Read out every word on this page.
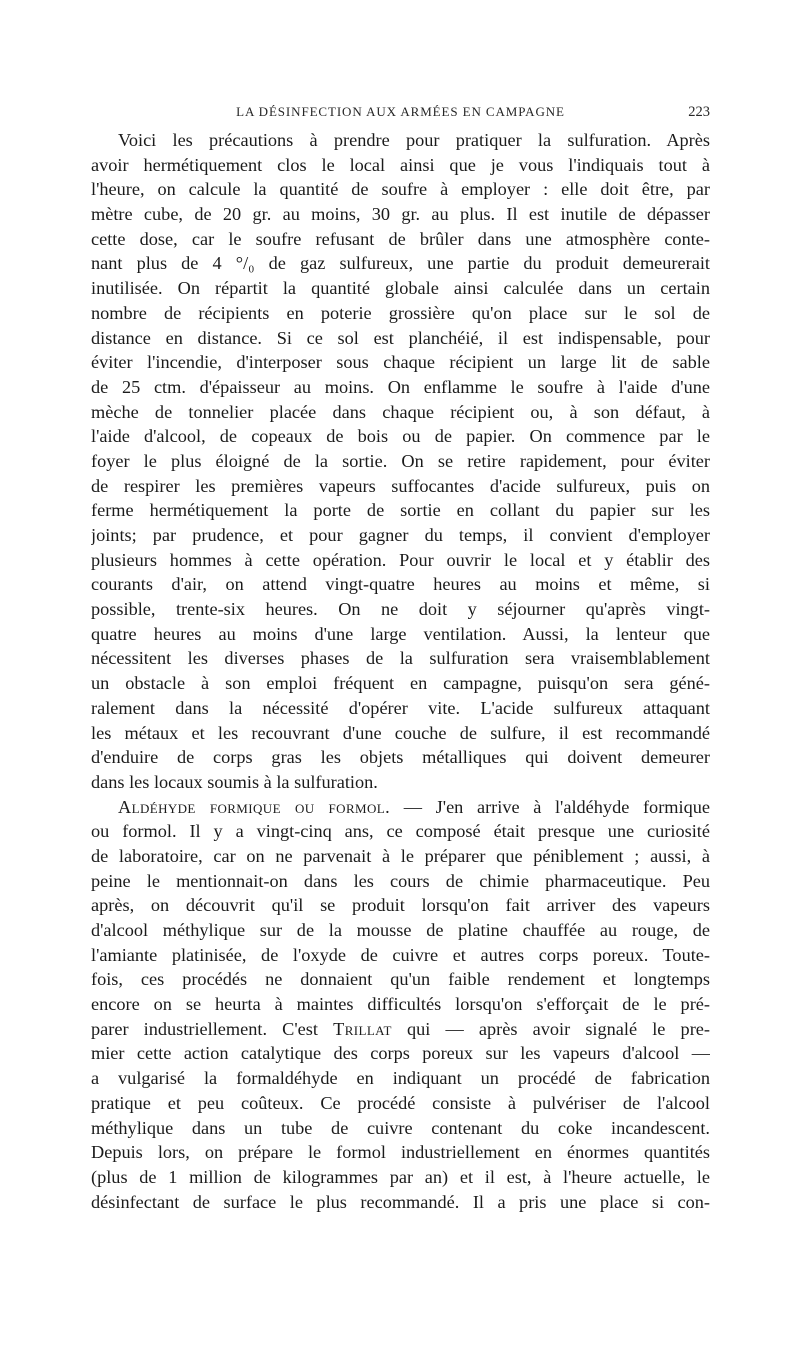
LA DÉSINFECTION AUX ARMÉES EN CAMPAGNE	223
Voici les précautions à prendre pour pratiquer la sulfuration. Après
avoir hermétiquement clos le local ainsi que je vous l'indiquais tout à
l'heure, on calcule la quantité de soufre à employer : elle doit être, par
mètre cube, de 20 gr. au moins, 30 gr. au plus. Il est inutile de dépasser
cette dose, car le soufre refusant de brûler dans une atmosphère conte-
nant plus de 4 °/₀ de gaz sulfureux, une partie du produit demeurerait
inutilisée. On répartit la quantité globale ainsi calculée dans un certain
nombre de récipients en poterie grossière qu'on place sur le sol de
distance en distance. Si ce sol est planchéié, il est indispensable, pour
éviter l'incendie, d'interposer sous chaque récipient un large lit de sable
de 25 ctm. d'épaisseur au moins. On enflamme le soufre à l'aide d'une
mèche de tonnelier placée dans chaque récipient ou, à son défaut, à
l'aide d'alcool, de copeaux de bois ou de papier. On commence par le
foyer le plus éloigné de la sortie. On se retire rapidement, pour éviter
de respirer les premières vapeurs suffocantes d'acide sulfureux, puis on
ferme hermétiquement la porte de sortie en collant du papier sur les
joints; par prudence, et pour gagner du temps, il convient d'employer
plusieurs hommes à cette opération. Pour ouvrir le local et y établir des
courants d'air, on attend vingt-quatre heures au moins et même, si
possible, trente-six heures. On ne doit y séjourner qu'après vingt-
quatre heures au moins d'une large ventilation. Aussi, la lenteur que
nécessitent les diverses phases de la sulfuration sera vraisemblablement
un obstacle à son emploi fréquent en campagne, puisqu'on sera géné-
ralement dans la nécessité d'opérer vite. L'acide sulfureux attaquant
les métaux et les recouvrant d'une couche de sulfure, il est recommandé
d'enduire de corps gras les objets métalliques qui doivent demeurer
dans les locaux soumis à la sulfuration.
Aldéhyde formique ou formol. — J'en arrive à l'aldéhyde formique
ou formol. Il y a vingt-cinq ans, ce composé était presque une curiosité
de laboratoire, car on ne parvenait à le préparer que péniblement ; aussi, à
peine le mentionnait-on dans les cours de chimie pharmaceutique. Peu
après, on découvrit qu'il se produit lorsqu'on fait arriver des vapeurs
d'alcool méthylique sur de la mousse de platine chauffée au rouge, de
l'amiante platinisée, de l'oxyde de cuivre et autres corps poreux. Toute-
fois, ces procédés ne donnaient qu'un faible rendement et longtemps
encore on se heurta à maintes difficultés lorsqu'on s'efforçait de le pré-
parer industriellement. C'est Trillat qui — après avoir signalé le pre-
mier cette action catalytique des corps poreux sur les vapeurs d'alcool —
a vulgarisé la formaldéhyde en indiquant un procédé de fabrication
pratique et peu coûteux. Ce procédé consiste à pulvériser de l'alcool
méthylique dans un tube de cuivre contenant du coke incandescent.
Depuis lors, on prépare le formol industriellement en énormes quantités
(plus de 1 million de kilogrammes par an) et il est, à l'heure actuelle, le
désinfectant de surface le plus recommandé. Il a pris une place si con-
